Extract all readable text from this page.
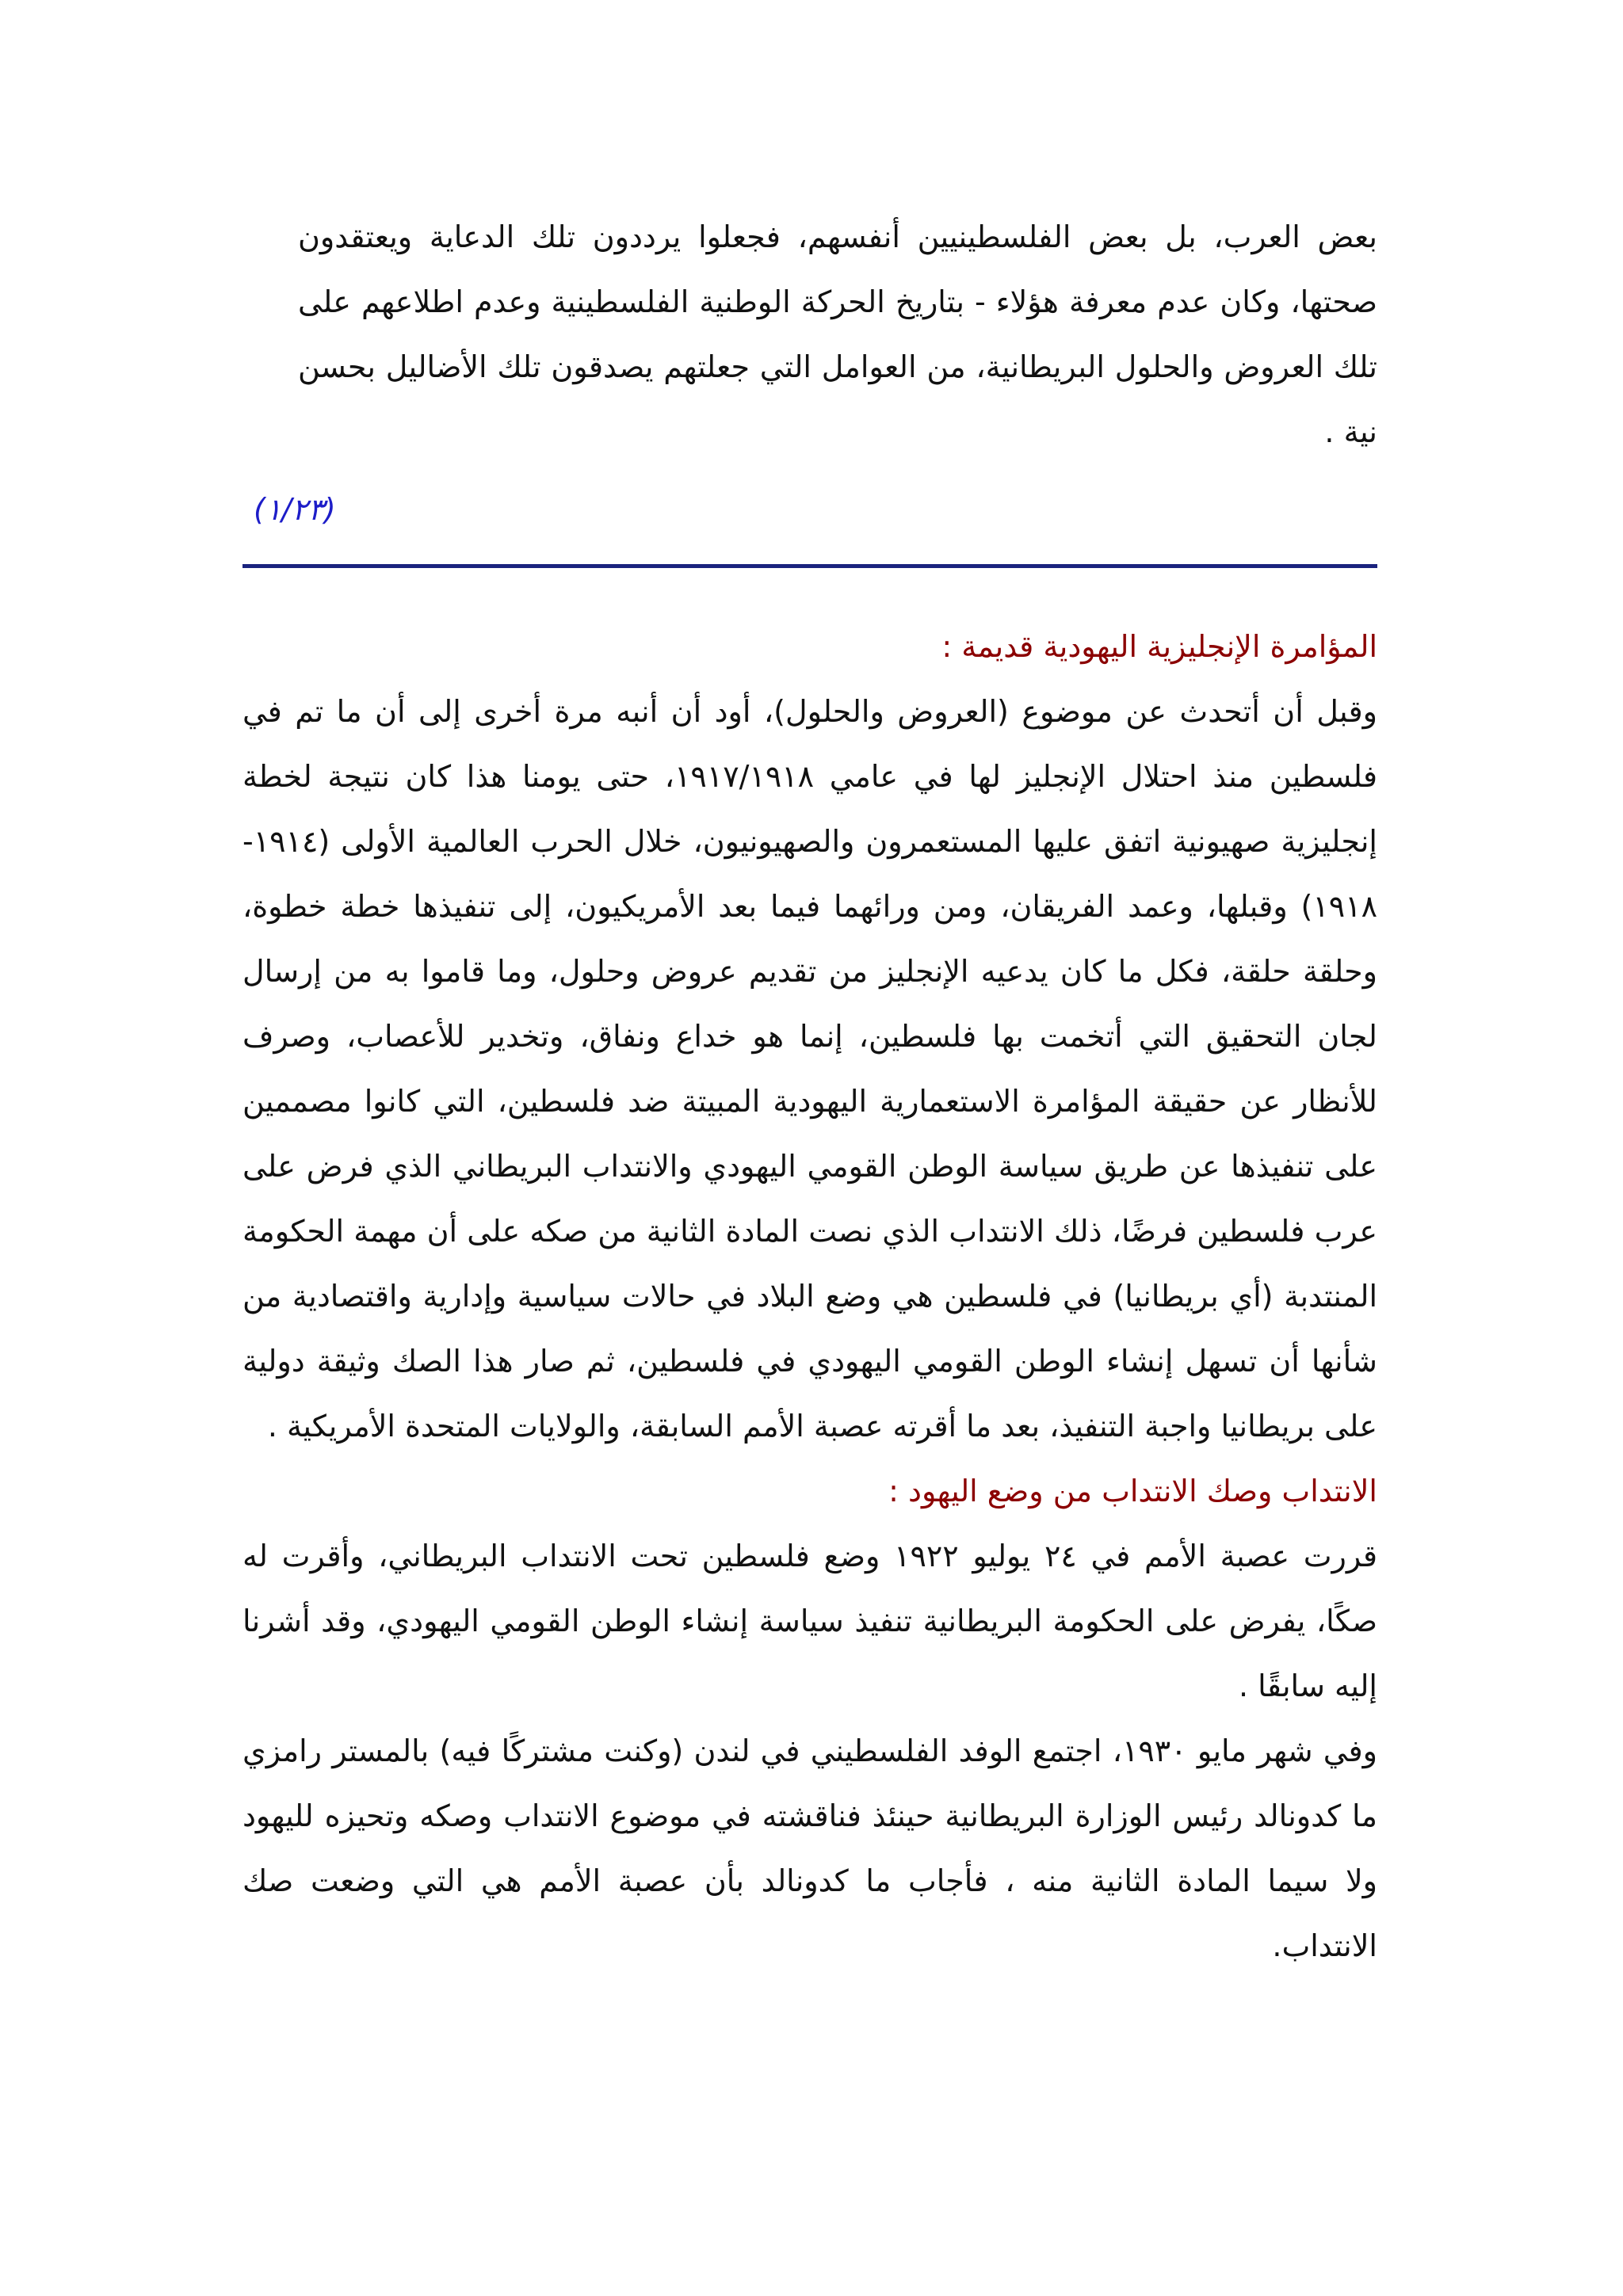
بعض العرب، بل بعض الفلسطينيين أنفسهم، فجعلوا يرددون تلك الدعاية ويعتقدون صحتها، وكان عدم معرفة هؤلاء - بتاريخ الحركة الوطنية الفلسطينية وعدم اطلاعهم على تلك العروض والحلول البريطانية، من العوامل التي جعلتهم يصدقون تلك الأضاليل بحسن نية .

(١/٢٣)
المؤامرة الإنجليزية اليهودية قديمة :

وقبل أن أتحدث عن موضوع (العروض والحلول)، أود أن أنبه مرة أخرى إلى أن ما تم في فلسطين منذ احتلال الإنجليز لها في عامي ١٩١٧/١٩١٨، حتى يومنا هذا كان نتيجة لخطة إنجليزية صهيونية اتفق عليها المستعمرون والصهيونيون، خلال الحرب العالمية الأولى (١٩١٤- ١٩١٨) وقبلها، وعمد الفريقان، ومن ورائهما فيما بعد الأمريكيون، إلى تنفيذها خطة خطوة، وحلقة حلقة، فكل ما كان يدعيه الإنجليز من تقديم عروض وحلول، وما قاموا به من إرسال لجان التحقيق التي أتخمت بها فلسطين، إنما هو خداع ونفاق، وتخدير للأعصاب، وصرف للأنظار عن حقيقة المؤامرة الاستعمارية اليهودية المبيتة ضد فلسطين، التي كانوا مصممين على تنفيذها عن طريق سياسة الوطن القومي اليهودي والانتداب البريطاني الذي فرض على عرب فلسطين فرضًا، ذلك الانتداب الذي نصت المادة الثانية من صكه على أن مهمة الحكومة المنتدبة (أي بريطانيا) في فلسطين هي وضع البلاد في حالات سياسية وإدارية واقتصادية من شأنها أن تسهل إنشاء الوطن القومي اليهودي في فلسطين، ثم صار هذا الصك وثيقة دولية على بريطانيا واجبة التنفيذ، بعد ما أقرته عصبة الأمم السابقة، والولايات المتحدة الأمريكية .

الانتداب وصك الانتداب من وضع اليهود :

قررت عصبة الأمم في ٢٤ يوليو ١٩٢٢ وضع فلسطين تحت الانتداب البريطاني، وأقرت له صكًا، يفرض على الحكومة البريطانية تنفيذ سياسة إنشاء الوطن القومي اليهودي، وقد أشرنا إليه سابقًا .

وفي شهر مايو ١٩٣٠، اجتمع الوفد الفلسطيني في لندن (وكنت مشتركًا فيه) بالمستر رامزي ما كدونالد رئيس الوزارة البريطانية حينئذ فناقشته في موضوع الانتداب وصكه وتحيزه لليهود ولا سيما المادة الثانية منه ، فأجاب ما كدونالد بأن عصبة الأمم هي التي وضعت صك الانتداب.
